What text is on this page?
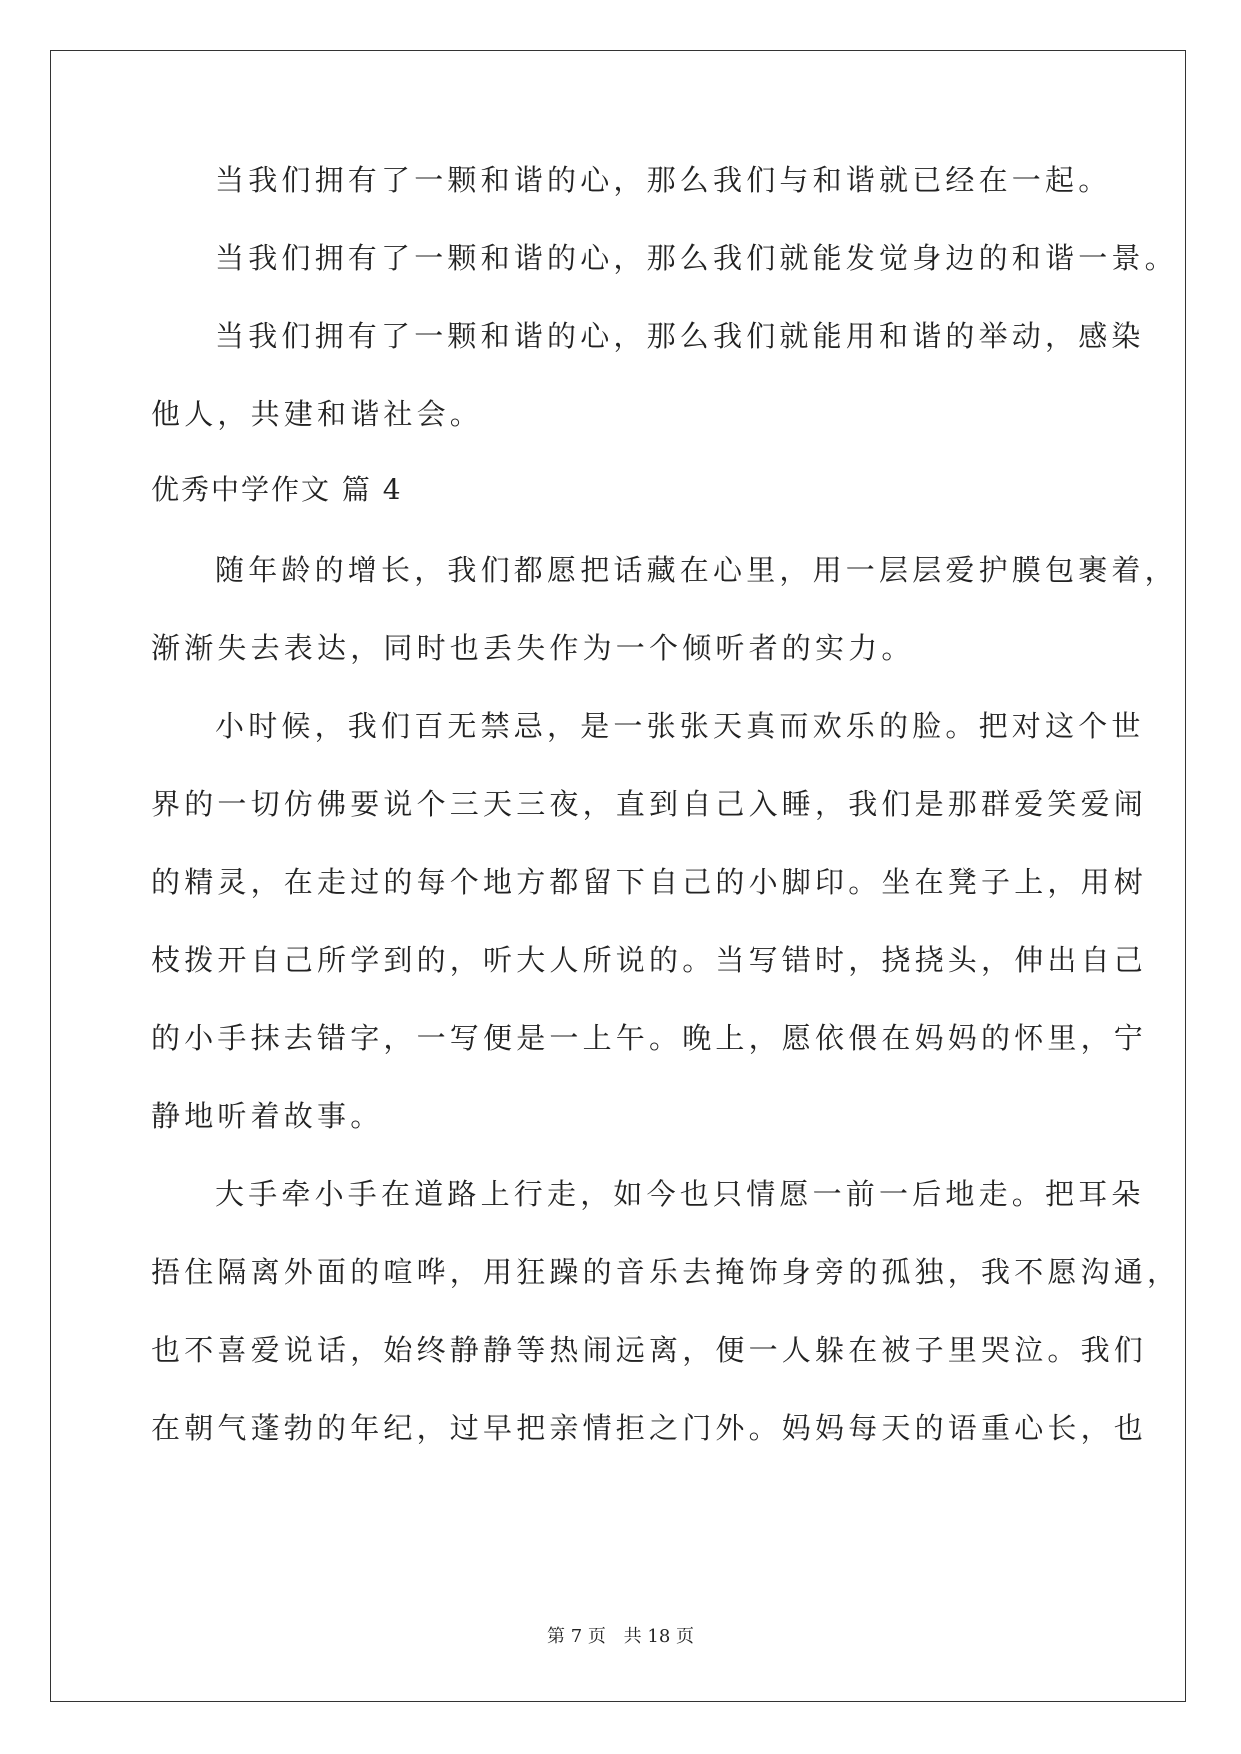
当我们拥有了一颗和谐的心，那么我们与和谐就已经在一起。
当我们拥有了一颗和谐的心，那么我们就能发觉身边的和谐一景。
当我们拥有了一颗和谐的心，那么我们就能用和谐的举动，感染
他人，共建和谐社会。
优秀中学作文 篇 4
随年龄的增长，我们都愿把话藏在心里，用一层层爱护膜包裹着，
渐渐失去表达，同时也丢失作为一个倾听者的实力。
小时候，我们百无禁忌，是一张张天真而欢乐的脸。把对这个世
界的一切仿佛要说个三天三夜，直到自己入睡，我们是那群爱笑爱闹
的精灵，在走过的每个地方都留下自己的小脚印。坐在凳子上，用树
枝拨开自己所学到的，听大人所说的。当写错时，挠挠头，伸出自己
的小手抹去错字，一写便是一上午。晚上，愿依偎在妈妈的怀里，宁
静地听着故事。
大手牵小手在道路上行走，如今也只情愿一前一后地走。把耳朵
捂住隔离外面的喧哗，用狂躁的音乐去掩饰身旁的孤独，我不愿沟通，
也不喜爱说话，始终静静等热闹远离，便一人躲在被子里哭泣。我们
在朝气蓬勃的年纪，过早把亲情拒之门外。妈妈每天的语重心长，也
第 7 页 共 18 页
